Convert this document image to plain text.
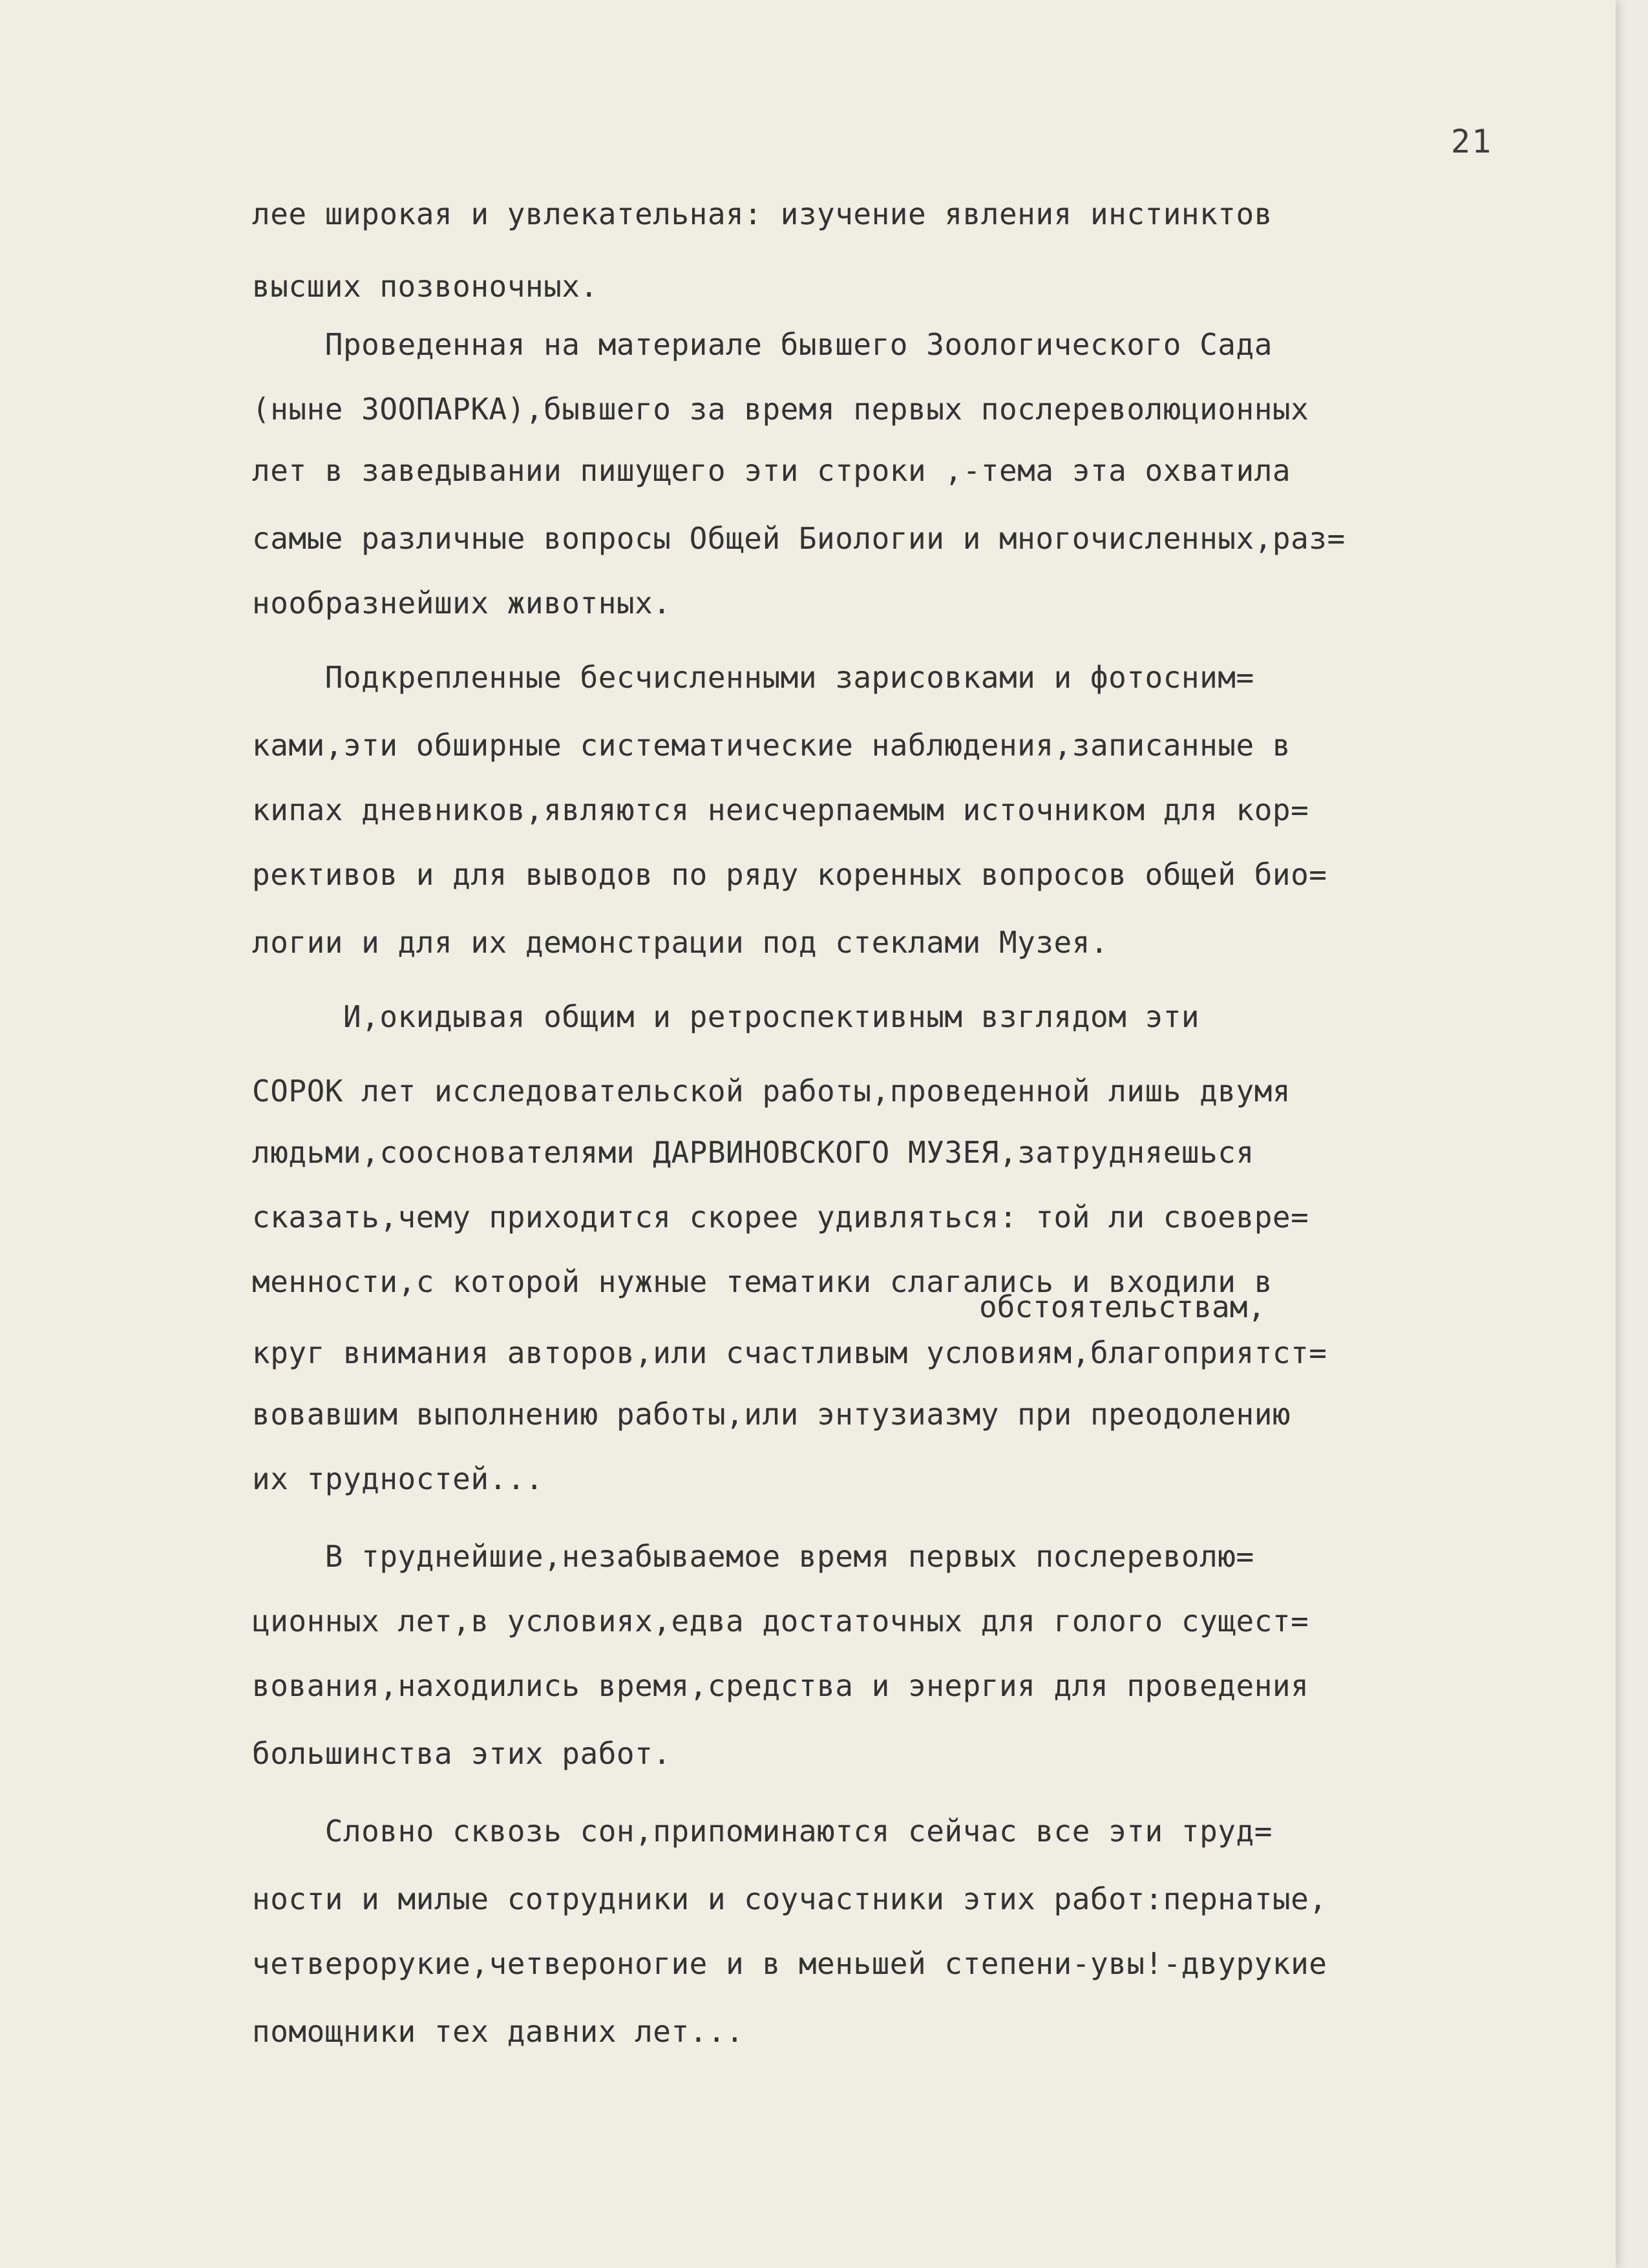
21
обстоятельствам,
лее широкая и увлекательная: изучение явления инстинктов
высших позвоночных.
Проведенная на материале бывшего Зоологического Сада
(ныне ЗООПАРКА),бывшего за время первых послереволюционных
лет в заведывании пишущего эти строки ,-тема эта охватила
самые различные вопросы Общей Биологии и многочисленных,раз=
нообразнейших животных.
Подкрепленные бесчисленными зарисовками и фотосним=
ками,эти обширные систематические наблюдения,записанные в
кипах дневников,являются неисчерпаемым источником для кор=
рективов и для выводов по ряду коренных вопросов общей био=
логии и для их демонстрации под стеклами Музея.
И,окидывая общим и ретроспективным взглядом эти
СОРОК лет исследовательской работы,проведенной лишь двумя
людьми,сооснователями ДАРВИНОВСКОГО МУЗЕЯ,затрудняешься
сказать,чему приходится скорее удивляться: той ли своевре=
менности,с которой нужные тематики слагались и входили в
круг внимания авторов,или счастливым условиям,благоприятст=
вовавшим выполнению работы,или энтузиазму при преодолению
их трудностей...
В труднейшие,незабываемое время первых послереволю=
ционных лет,в условиях,едва достаточных для голого сущест=
вования,находились время,средства и энергия для проведения
большинства этих работ.
Словно сквозь сон,припоминаются сейчас все эти труд=
ности и милые сотрудники и соучастники этих работ:пернатые,
четверорукие,четвероногие и в меньшей степени-увы!-двурукие
помощники тех давних лет...
